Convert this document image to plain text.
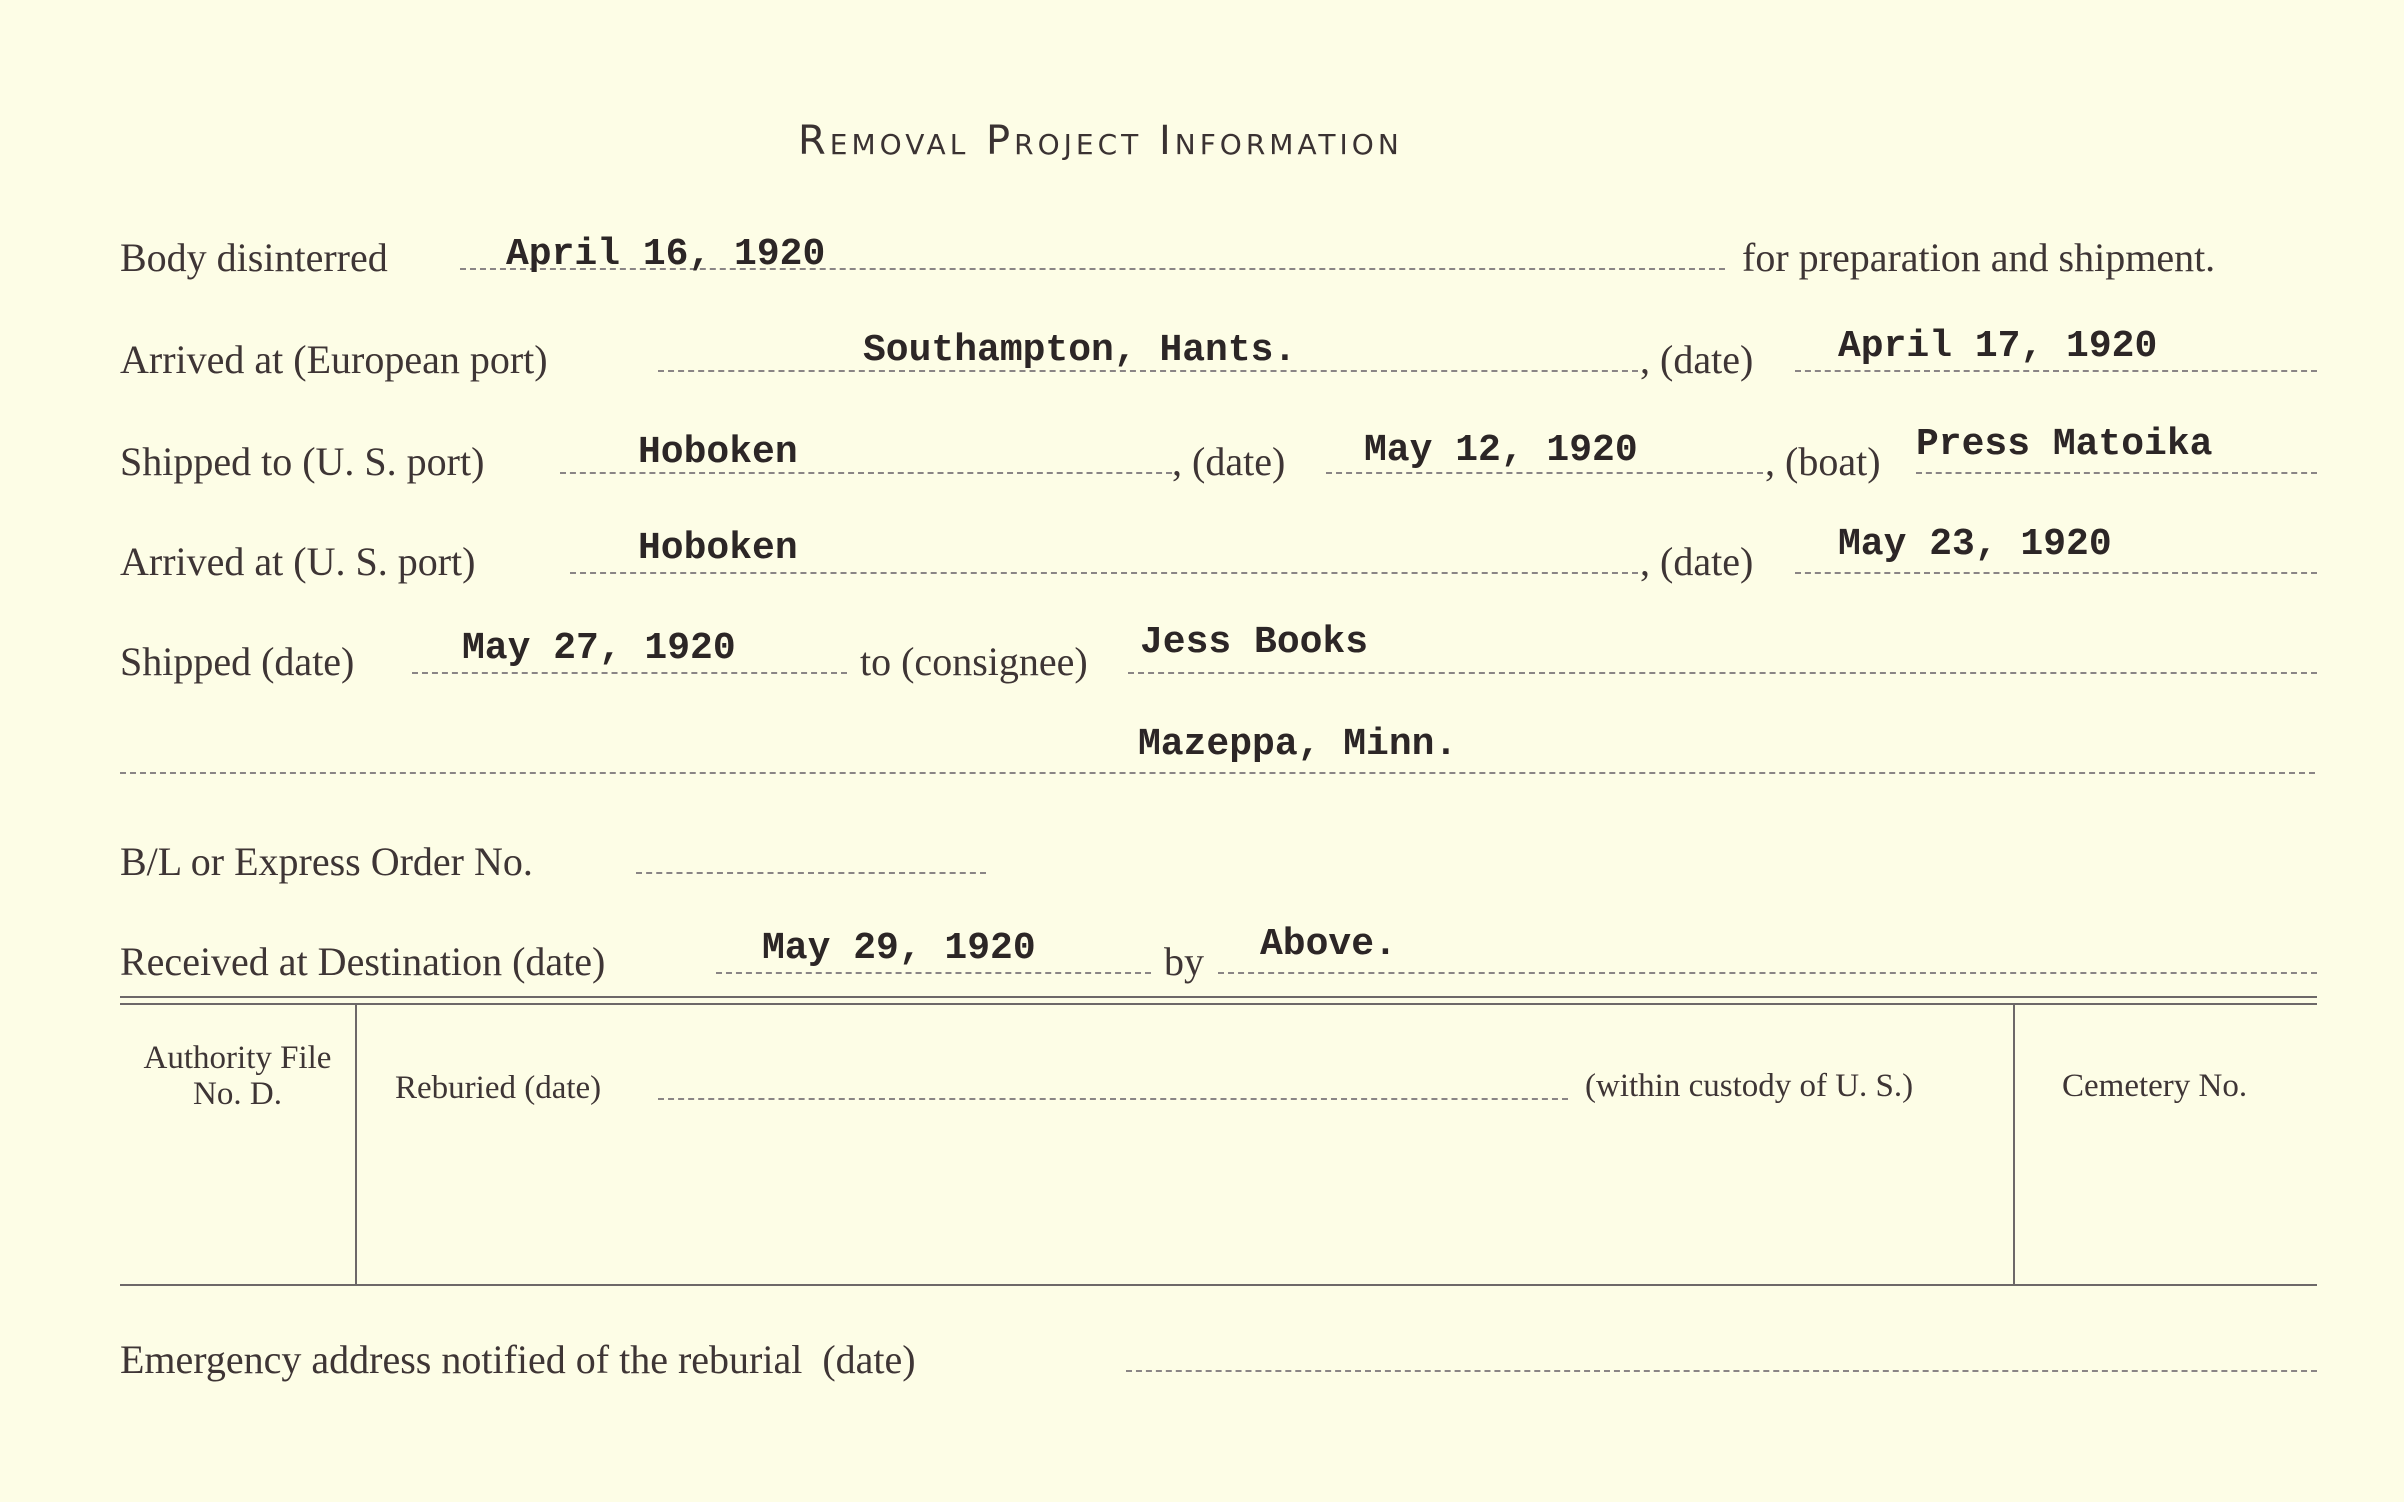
Removal Project Information
Body disinterred	April 16, 1920	for preparation and shipment.
Arrived at (European port)	Southampton, Hants.	, (date) April 17, 1920
Shipped to (U. S. port)	Hoboken	, (date) May 12, 1920	, (boat) Press Matoika
Arrived at (U. S. port)	Hoboken	, (date) May 23, 1920
Shipped (date)	May 27, 1920	to (consignee) Jess Books
Mazeppa, Minn.
B/L or Express Order No.
Received at Destination (date)	May 29, 1920	by Above.
Authority File No. D.	Reburied (date)	(within custody of U. S.)	Cemetery No.
Emergency address notified of the reburial  (date)
